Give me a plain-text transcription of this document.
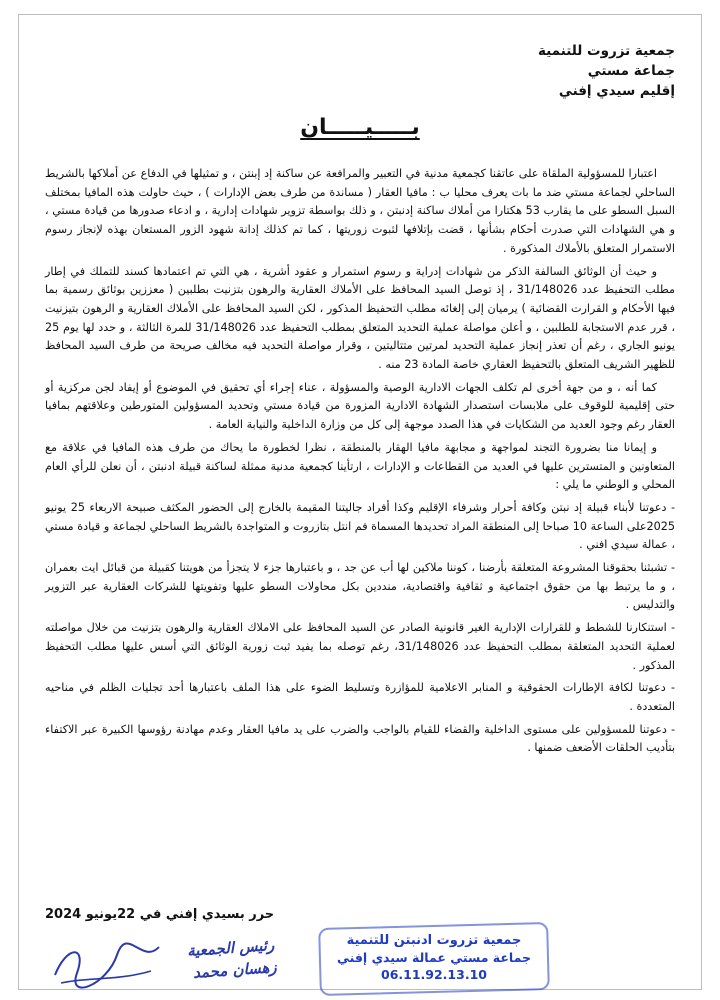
جمعية تزروت للتنمية
جماعة مستي
إقليم سيدي إفني
بـــــيـــــان

اعتبارا للمسؤولية الملقاة على عاتقنا كجمعية مدنية في التعبير والمرافعة عن ساكنة إد إبنتن ، و تمثيلها في الدفاع عن أملاكها بالشريط الساحلي لجماعة مستي ضد ما بات يعرف محليا ب : مافيا العقار ( مساندة من طرف بعض الإدارات ) ، حيث حاولت هذه المافيا بمختلف السبل السطو على ما يقارب 53 هكتارا من أملاك ساكنة إدنبتن ، و ذلك بواسطة تزوير شهادات إدارية ، و ادعاء صدورها من قيادة مستي ، و هي الشهادات التي صدرت أحكام بشأنها ، قضت بإتلافها لثبوت زوريتها ، كما تم كذلك إدانة شهود الزور المستعان بهذه لإنجاز رسوم الاستمرار المتعلق بالأملاك المذكورة .

و حيث أن الوثائق السالفة الذكر من شهادات إدراية و رسوم استمرار و عقود أشرية ، هي التي تم اعتمادها كسند للتملك في إطار مطلب التحفيظ عدد 31/148026 ، إذ توصل السيد المحافظ على الأملاك العقارية والرهون بتزنيت بطلبين ( معززين بوثائق رسمية بما فيها الأحكام و القرارت القضائية ) يرميان إلى إلغائه مطلب التحفيظ المذكور ، لكن السيد المحافظ على الأملاك العقارية و الرهون بتيزنيت ، قرر عدم الاستجابة للطلبين ، و أعلن مواصلة عملية التحديد المتعلق بمطلب التحفيظ عدد 31/148026 للمرة الثالثة ، و حدد لها يوم 25 يونيو الجاري ، رغم أن تعذر إنجاز عملية التحديد لمرتين متتاليتين ، وقرار مواصلة التحديد فيه مخالف صريحة من طرف السيد المحافظ للظهير الشريف المتعلق بالتحفيظ العقاري خاصة المادة 23 منه .

كما أنه ، و من جهة أخرى لم تكلف الجهات الادارية الوصية والمسؤولة ، عناء إجراء أي تحقيق في الموضوع أو إيفاد لجن مركزية أو حتى إقليمية للوقوف على ملابسات استصدار الشهادة الادارية المزورة من قيادة مستي وتحديد المسؤولين المتورطين وعلاقتهم بمافيا العقار رغم وجود العديد من الشكايات في هذا الصدد موجهة إلى كل من وزارة الداخلية والنيابة العامة .

و إيمانا منا بضرورة التجند لمواجهة و مجابهة مافيا الهقار بالمنطقة ، نظرا لخطورة ما يحاك من طرف هذه المافيا في علاقة مع المتعاونين و المتسترين عليها في العديد من القطاعات و الإدارات ، ارتأينا كجمعية مدنية ممثلة لساكنة قبيلة ادنبتن ، أن نعلن للرأي العام المحلي و الوطني ما يلي :

- دعوتنا لأبناء قبيلة إد نبتن وكافة أحرار وشرفاء الإقليم وكذا أفراد جاليتنا المقيمة بالخارج إلى الحضور المكثف صبيحة الاربعاء 25 يونيو 2025على الساعة 10 صباحا إلى المنطقة المراد تحديدها المسماة فم انتل بتازروت و المتواجدة بالشريط الساحلي لجماعة و قيادة مستي ، عمالة سيدي افني .

- تشبثنا بحقوقنا المشروعة المتعلقة بأرضنا ، كوننا ملاكين لها أب عن جد ، و باعتبارها جزء لا يتجزأ من هويتنا كقبيلة من قبائل ايت بعمران ، و ما يرتبط بها من حقوق اجتماعية و ثقافية واقتصادية، منددين بكل محاولات السطو عليها وتفويتها للشركات العقارية عبر التزوير والتدليس .

- استنكارنا للشطط و للقرارات الإدارية الغير قانونية الصادر عن السيد المحافظ على الاملاك العقارية والرهون بتزنيت من خلال مواصلته لعملية التحديد المتعلقة بمطلب التحفيظ عدد 31/148026، رغم توصله بما يفيد ثبت زورية الوثائق التي أسس عليها مطلب التحفيظ المذكور .

- دعوتنا لكافة الإطارات الحقوقية و المنابر الاعلامية للمؤازرة وتسليط الضوء على هذا الملف باعتبارها أحد تجليات الظلم في مناحيه المتعددة .

- دعوتنا للمسؤولين على مستوى الداخلية والقضاء للقيام بالواجب والضرب على يد مافيا العقار وعدم مهادنة رؤوسها الكبيرة عبر الاكتفاء بتأديب الحلقات الأضعف ضمنها .

حرر بسيدي إفني في 22يونيو 2024
رئيس الجمعية
زهسان محمد
جمعية تزروت ادنبتن للتنمية
جماعة مستي عمالة سيدي إفني
06.11.92.13.10
